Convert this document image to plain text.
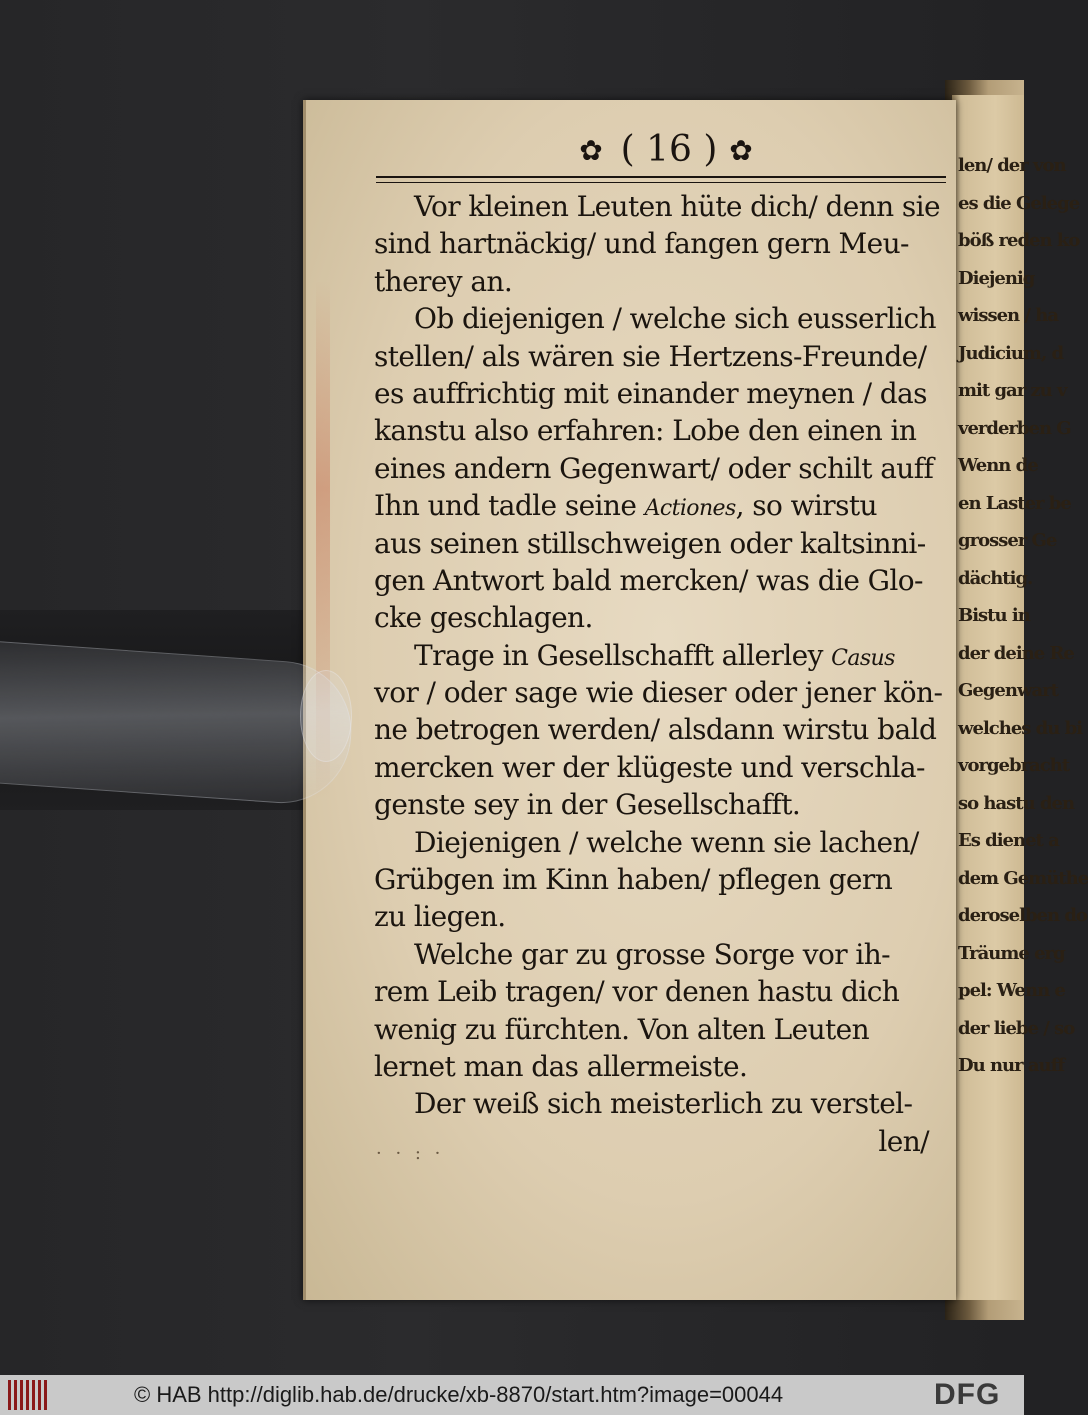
len/ der von
es die Gelege
böß reden ko
Diejenig
wissen / ha
Judicium, d
mit gar zu v
verderben G
Wenn de
en Laster be
grosser Ge
dächtig.
Bistu in
der deine Re
Gegenwart
welches du bi
vorgebracht
so hastu den
Es dienet a
dem Gemüthe
deroselben do
Träume erg
pel: Wenn e
der liebe / so
Du nur auff
✿ ( 16 ) ✿
Vor kleinen Leuten hüte dich/ denn sie
sind hartnäckig/ und fangen gern Meu-
therey an.
Ob diejenigen / welche sich eusserlich
stellen/ als wären sie Hertzens-Freunde/
es auffrichtig mit einander meynen / das
kanstu also erfahren: Lobe den einen in
eines andern Gegenwart/ oder schilt auff
Ihn und tadle seine Actiones, so wirstu
aus seinen stillschweigen oder kaltsinni-
gen Antwort bald mercken/ was die Glo-
cke geschlagen.
Trage in Gesellschafft allerley Casus
vor / oder sage wie dieser oder jener kön-
ne betrogen werden/ alsdann wirstu bald
mercken wer der klügeste und verschla-
genste sey in der Gesellschafft.
Diejenigen / welche wenn sie lachen/
Grübgen im Kinn haben/ pflegen gern
zu liegen.
Welche gar zu grosse Sorge vor ih-
rem Leib tragen/ vor denen hastu dich
wenig zu fürchten. Von alten Leuten
lernet man das allermeiste.
Der weiß sich meisterlich zu verstel-
len/
· · : ·
© HAB http://diglib.hab.de/drucke/xb-8870/start.htm?image=00044	DFG
